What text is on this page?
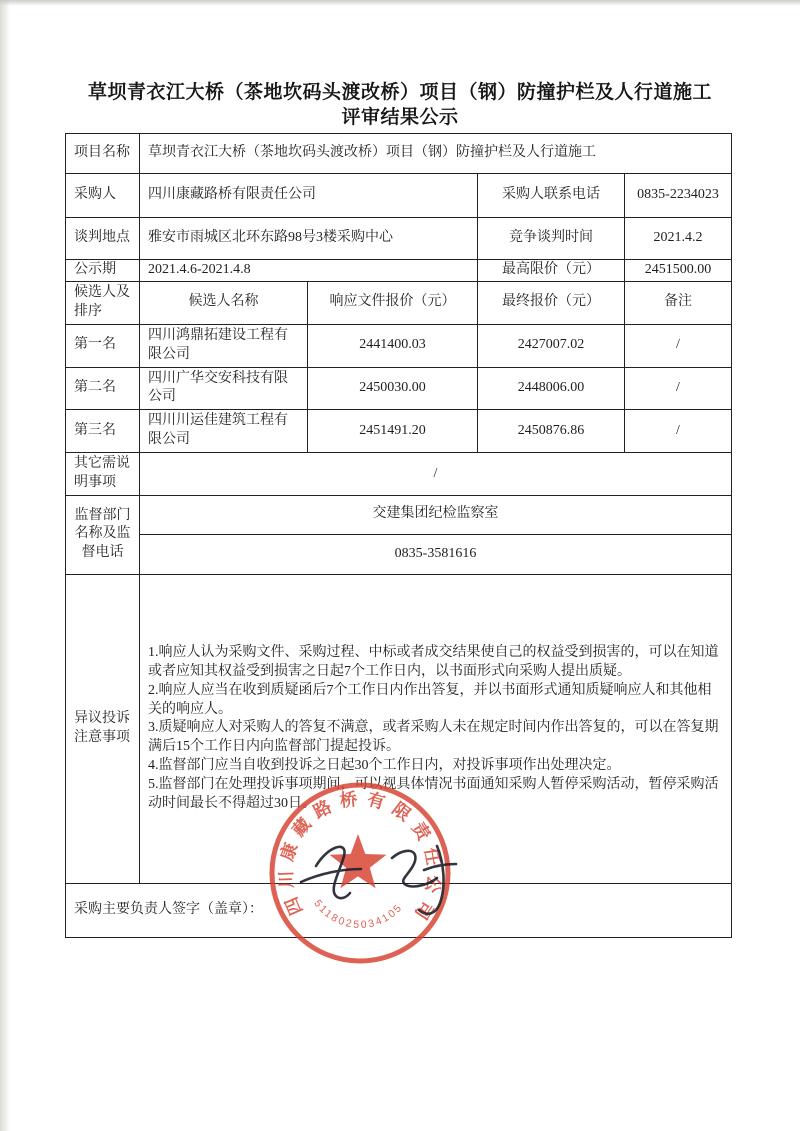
草坝青衣江大桥（茶地坎码头渡改桥）项目（钢）防撞护栏及人行道施工
评审结果公示
项目名称	草坝青衣江大桥（茶地坎码头渡改桥）项目（钢）防撞护栏及人行道施工			
采购人	四川康藏路桥有限责任公司		采购人联系电话	0835-2234023
谈判地点	雅安市雨城区北环东路98号3楼采购中心		竞争谈判时间	2021.4.2
公示期	2021.4.6-2021.4.8		最高限价（元）	2451500.00
候选人及排序	候选人名称	响应文件报价（元）	最终报价（元）	备注
第一名	四川鸿鼎拓建设工程有限公司	2441400.03	2427007.02	/
第二名	四川广华交安科技有限公司	2450030.00	2448006.00	/
第三名	四川川运佳建筑工程有限公司	2451491.20	2450876.86	/
其它需说明事项	/			
监督部门名称及监督电话	交建集团纪检监察室			
	0835-3581616			
异议投诉注意事项	1.响应人认为采购文件、采购过程、中标或者成交结果使自己的权益受到损害的，可以在知道或者应知其权益受到损害之日起7个工作日内，以书面形式向采购人提出质疑。
2.响应人应当在收到质疑函后7个工作日内作出答复，并以书面形式通知质疑响应人和其他相关的响应人。
3.质疑响应人对采购人的答复不满意，或者采购人未在规定时间内作出答复的，可以在答复期满后15个工作日内向监督部门提起投诉。
4.监督部门应当自收到投诉之日起30个工作日内，对投诉事项作出处理决定。
5.监督部门在处理投诉事项期间，可以视具体情况书面通知采购人暂停采购活动，暂停采购活动时间最长不得超过30日。			

采购主要负责人签字（盖章）：				四川康藏路桥有限责任公司
5118025034105
